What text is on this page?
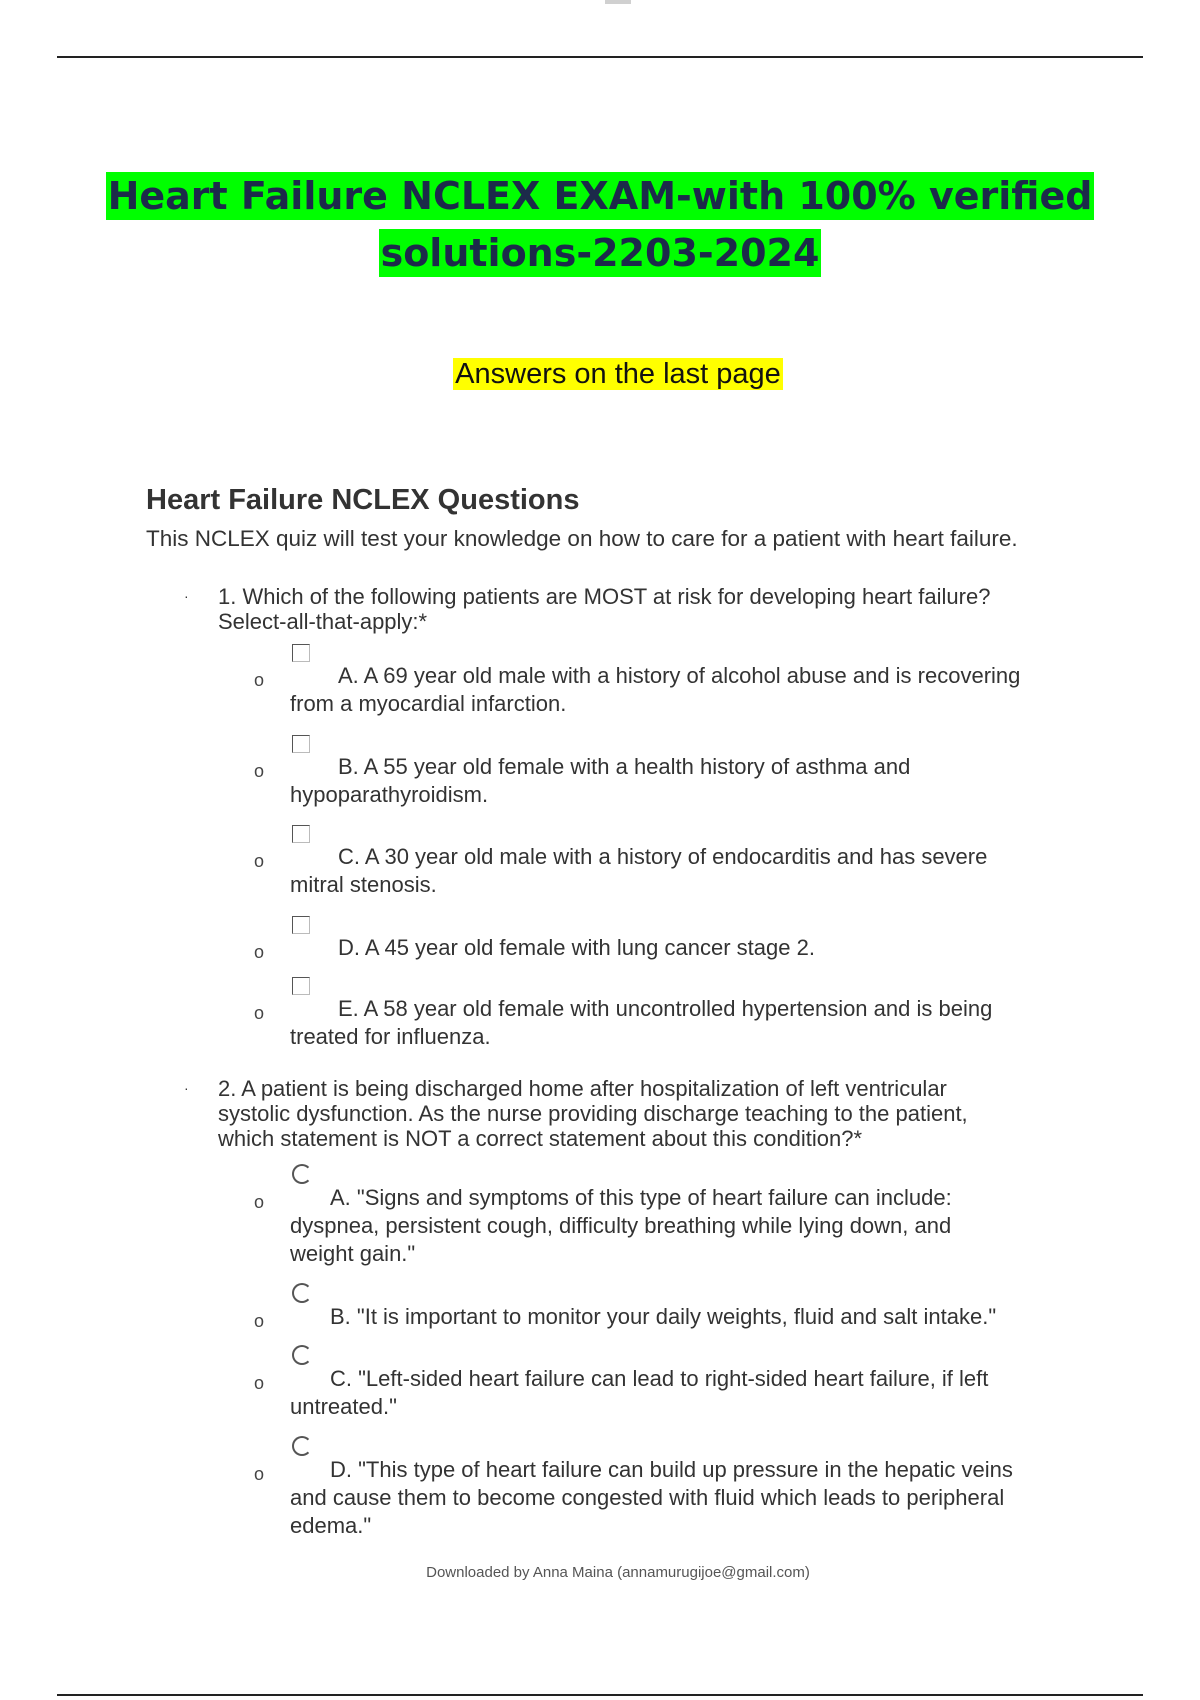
Heart Failure NCLEX EXAM-with 100% verified
solutions-2203-2024
Answers on the last page
Heart Failure NCLEX Questions
This NCLEX quiz will test your knowledge on how to care for a patient with heart failure.
· 1. Which of the following patients are MOST at risk for developing heart failure?
Select-all-that-apply:*
o	A. A 69 year old male with a history of alcohol abuse and is recovering
from a myocardial infarction.
o	B. A 55 year old female with a health history of asthma and
hypoparathyroidism.
o	C. A 30 year old male with a history of endocarditis and has severe
mitral stenosis.
o	D. A 45 year old female with lung cancer stage 2.
o	E. A 58 year old female with uncontrolled hypertension and is being
treated for influenza.
· 2. A patient is being discharged home after hospitalization of left ventricular
systolic dysfunction. As the nurse providing discharge teaching to the patient,
which statement is NOT a correct statement about this condition?*
o	A. "Signs and symptoms of this type of heart failure can include:
dyspnea, persistent cough, difficulty breathing while lying down, and
weight gain."
o	B. "It is important to monitor your daily weights, fluid and salt intake."
o	C. "Left-sided heart failure can lead to right-sided heart failure, if left
untreated."
o	D. "This type of heart failure can build up pressure in the hepatic veins
and cause them to become congested with fluid which leads to peripheral
edema."
Downloaded by Anna Maina (annamurugijoe@gmail.com)
